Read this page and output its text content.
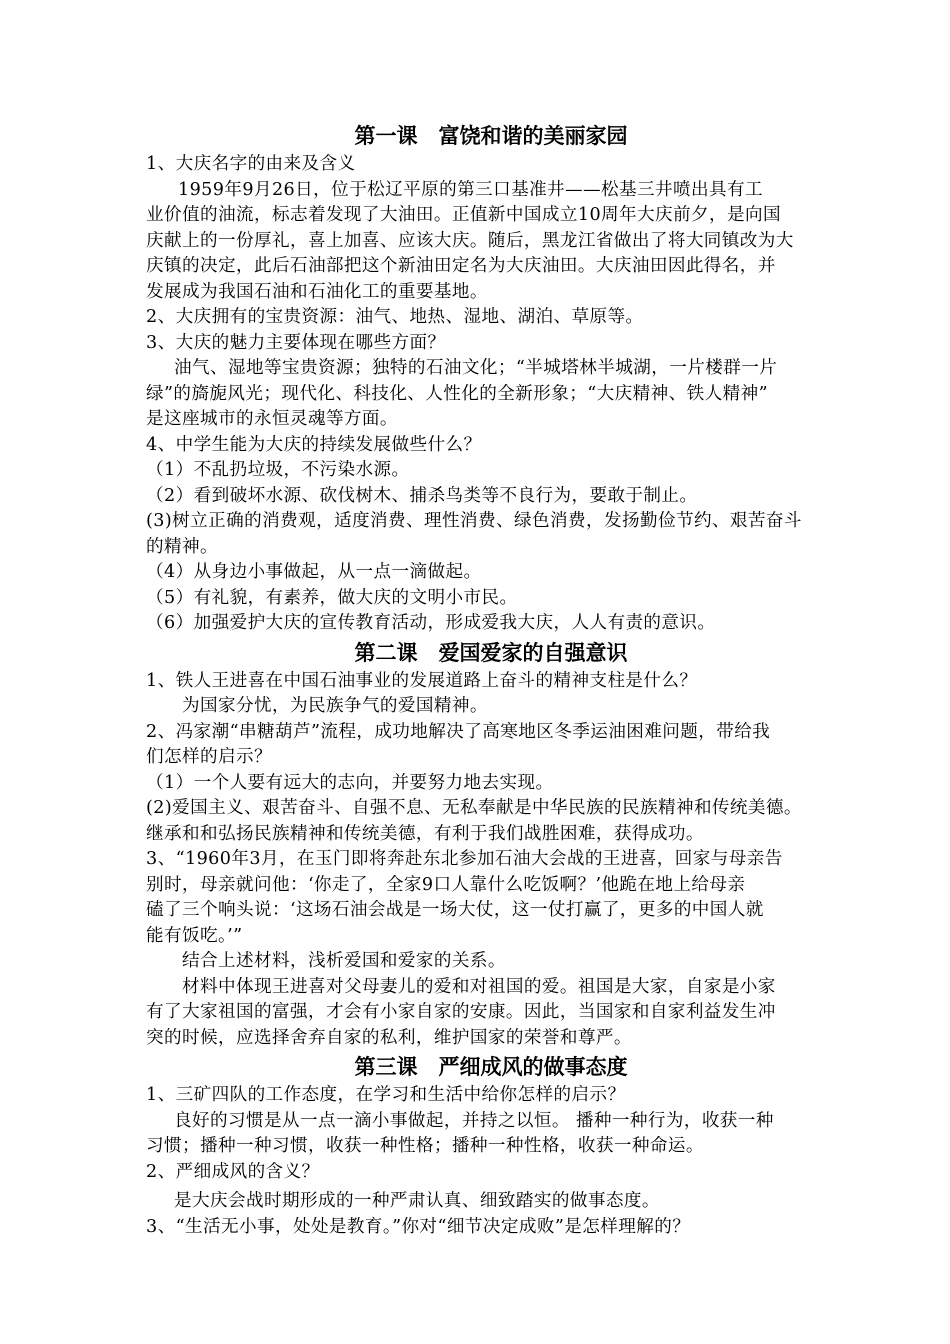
第一课　富饶和谐的美丽家园
1、大庆名字的由来及含义
1959年9月26日，位于松辽平原的第三口基准井——松基三井喷出具有工
业价值的油流，标志着发现了大油田。正值新中国成立10周年大庆前夕，是向国
庆献上的一份厚礼，喜上加喜、应该大庆。随后，黑龙江省做出了将大同镇改为大
庆镇的决定，此后石油部把这个新油田定名为大庆油田。大庆油田因此得名，并
发展成为我国石油和石油化工的重要基地。
2、大庆拥有的宝贵资源：油气、地热、湿地、湖泊、草原等。
3、大庆的魅力主要体现在哪些方面？
油气、湿地等宝贵资源；独特的石油文化；“半城塔林半城湖，一片楼群一片
绿”的旖旎风光；现代化、科技化、人性化的全新形象；“大庆精神、铁人精神”
是这座城市的永恒灵魂等方面。
4、中学生能为大庆的持续发展做些什么？
（1）不乱扔垃圾，不污染水源。
（2）看到破坏水源、砍伐树木、捕杀鸟类等不良行为，要敢于制止。
(3)树立正确的消费观，适度消费、理性消费、绿色消费，发扬勤俭节约、艰苦奋斗
的精神。
（4）从身边小事做起，从一点一滴做起。
（5）有礼貌，有素养，做大庆的文明小市民。
（6）加强爱护大庆的宣传教育活动，形成爱我大庆，人人有责的意识。
第二课　爱国爱家的自强意识
1、铁人王进喜在中国石油事业的发展道路上奋斗的精神支柱是什么？
为国家分忧，为民族争气的爱国精神。
2、冯家潮“串糖葫芦”流程，成功地解决了高寒地区冬季运油困难问题，带给我
们怎样的启示？
（1）一个人要有远大的志向，并要努力地去实现。
(2)爱国主义、艰苦奋斗、自强不息、无私奉献是中华民族的民族精神和传统美德。
继承和和弘扬民族精神和传统美德，有利于我们战胜困难，获得成功。
3、“1960年3月，在玉门即将奔赴东北参加石油大会战的王进喜，回家与母亲告
别时，母亲就问他：‘你走了，全家9口人靠什么吃饭啊？’他跪在地上给母亲
磕了三个响头说：‘这场石油会战是一场大仗，这一仗打赢了，更多的中国人就
能有饭吃。’”
结合上述材料，浅析爱国和爱家的关系。
材料中体现王进喜对父母妻儿的爱和对祖国的爱。祖国是大家，自家是小家
有了大家祖国的富强，才会有小家自家的安康。因此，当国家和自家利益发生冲
突的时候，应选择舍弃自家的私利，维护国家的荣誉和尊严。
第三课　严细成风的做事态度
1、三矿四队的工作态度，在学习和生活中给你怎样的启示？
良好的习惯是从一点一滴小事做起，并持之以恒。 播种一种行为，收获一种
习惯；播种一种习惯，收获一种性格；播种一种性格，收获一种命运。
2、严细成风的含义？
是大庆会战时期形成的一种严肃认真、细致踏实的做事态度。
3、“生活无小事，处处是教育。”你对“细节决定成败”是怎样理解的？
